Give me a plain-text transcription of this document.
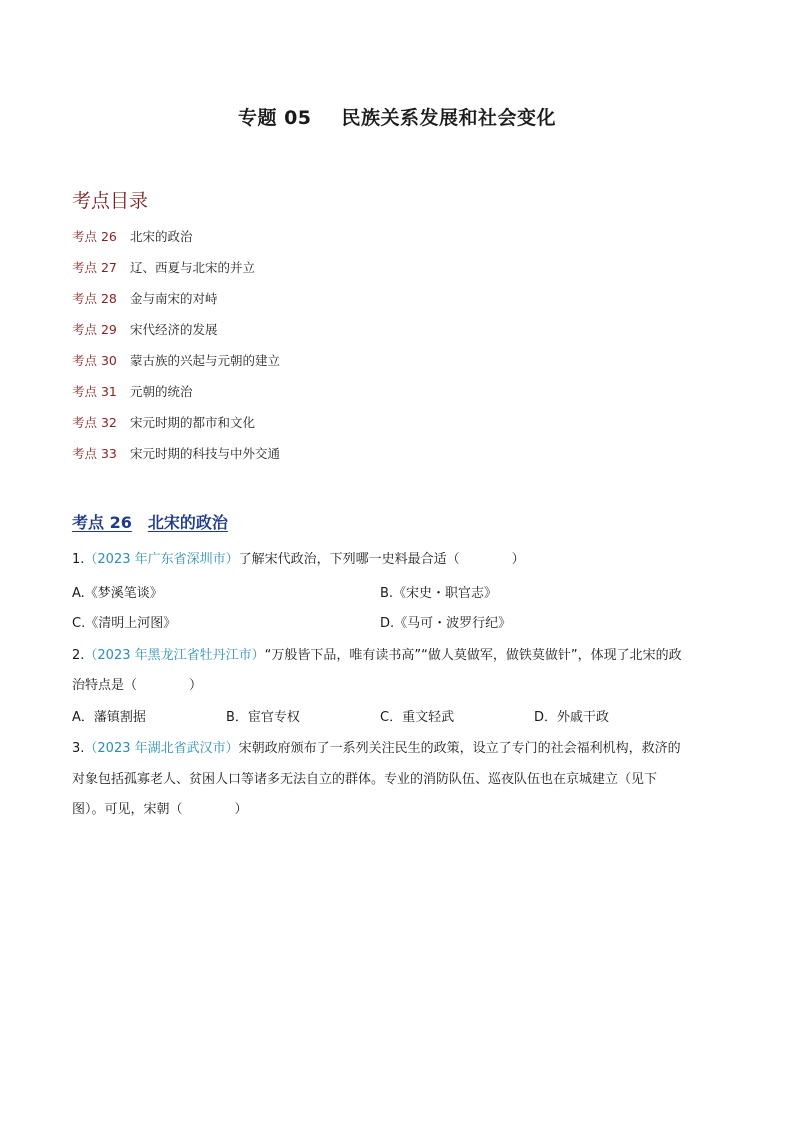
专题 05 民族关系发展和社会变化
考点目录
考点 26 北宋的政治
考点 27 辽、西夏与北宋的并立
考点 28 金与南宋的对峙
考点 29 宋代经济的发展
考点 30 蒙古族的兴起与元朝的建立
考点 31 元朝的统治
考点 32 宋元时期的都市和文化
考点 33 宋元时期的科技与中外交通
考点 26 北宋的政治
1.（2023 年广东省深圳市）了解宋代政治，下列哪一史料最合适（　　　　）
A.《梦溪笔谈》	B.《宋史・职官志》
C.《清明上河图》	D.《马可・波罗行纪》
2.（2023 年黑龙江省牡丹江市）“万般皆下品，唯有读书高”“做人莫做军，做铁莫做针”，体现了北宋的政
治特点是（　　　　）
A．藩镇割据	B．宦官专权	C．重文轻武	D．外戚干政
3.（2023 年湖北省武汉市）宋朝政府颁布了一系列关注民生的政策，设立了专门的社会福利机构，救济的
对象包括孤寡老人、贫困人口等诸多无法自立的群体。专业的消防队伍、巡夜队伍也在京城建立（见下
图）。可见，宋朝（　　　　）
